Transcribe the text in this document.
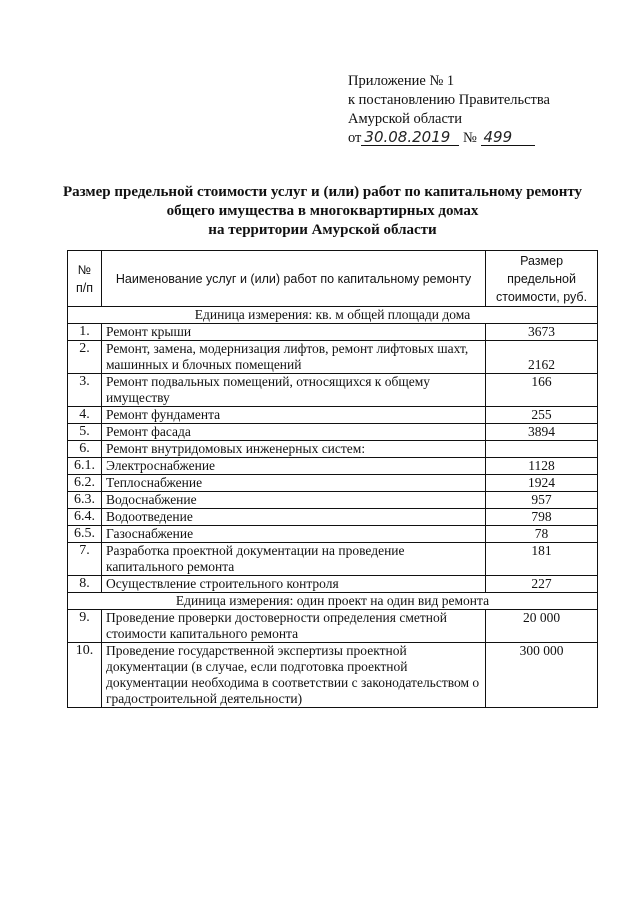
Приложение № 1
к постановлению Правительства
Амурской области
от 30.08.2019 № 499
Размер предельной стоимости услуг и (или) работ по капитальному ремонту
общего имущества в многоквартирных домах
на территории Амурской области
№ п/п	Наименование услуг и (или) работ по капитальному ремонту	Размер предельной стоимости, руб.
Единица измерения: кв. м общей площади дома		
1.	Ремонт крыши	3673
2.	Ремонт, замена, модернизация лифтов, ремонт лифтовых шахт, машинных и блочных помещений	2162
3.	Ремонт подвальных помещений, относящихся к общему имуществу	166
4.	Ремонт фундамента	255
5.	Ремонт фасада	3894
6.	Ремонт внутридомовых инженерных систем:	
6.1.	Электроснабжение	1128
6.2.	Теплоснабжение	1924
6.3.	Водоснабжение	957
6.4.	Водоотведение	798
6.5.	Газоснабжение	78
7.	Разработка проектной документации на проведение капитального ремонта	181
8.	Осуществление строительного контроля	227
Единица измерения: один проект на один вид ремонта		
9.	Проведение проверки достоверности определения сметной стоимости капитального ремонта	20 000
10.	Проведение государственной экспертизы проектной документации (в случае, если подготовка проектной документации необходима в соответствии с законодательством о градостроительной деятельности)	300 000
